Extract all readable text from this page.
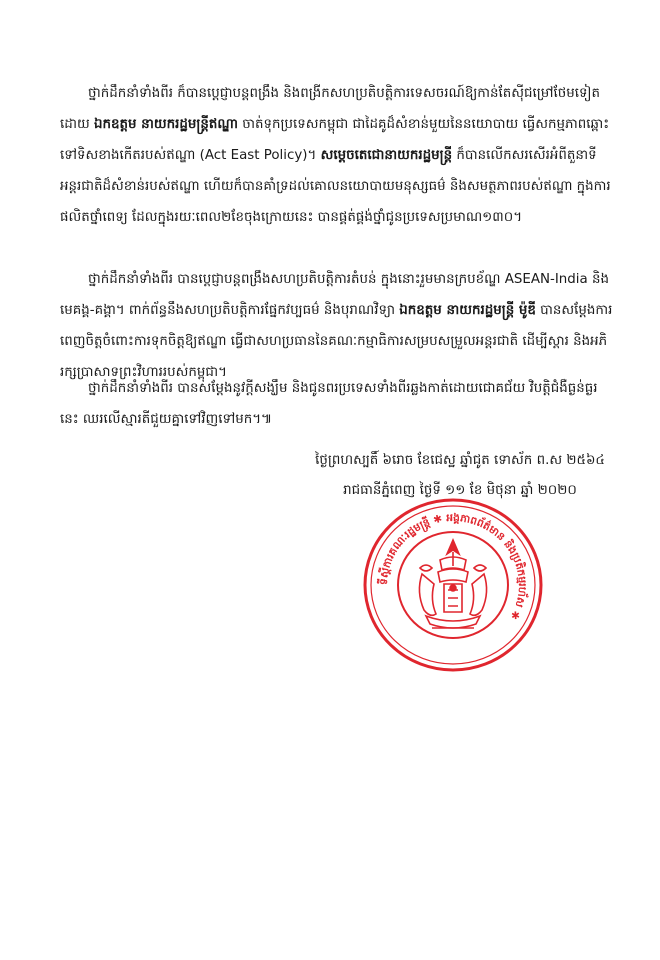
ថ្នាក់ដឹកនាំទាំងពីរ ក៏បានប្តេជ្ញាបន្តពង្រឹង និងពង្រីកសហប្រតិបត្តិការទេសចរណ៍ឱ្យកាន់តែស៊ីជម្រៅថែមទៀត ដោយ ឯកឧត្តម នាយករដ្ឋមន្ត្រីឥណ្ឌា ចាត់ទុកប្រទេសកម្ពុជា ជាដៃគូដ៏សំខាន់មួយនៃនយោបាយ ធ្វើសកម្មភាពឆ្ពោះទៅទិសខាងកើតរបស់ឥណ្ឌា (Act East Policy)។ សម្តេចតេជោនាយករដ្ឋមន្ត្រី ក៏បានលើកសរសើរអំពីតួនាទីអន្តរជាតិដ៏សំខាន់របស់ឥណ្ឌា ហើយក៏បានគាំទ្រដល់គោលនយោបាយមនុស្សធម៌ និងសមត្ថភាពរបស់ឥណ្ឌា ក្នុងការផលិតថ្នាំពេទ្យ ដែលក្នុងរយៈពេល២ខែចុងក្រោយនេះ បានផ្គត់ផ្គង់ថ្នាំជូនប្រទេសប្រមាណ១៣០។

ថ្នាក់ដឹកនាំទាំងពីរ បានប្តេជ្ញាបន្តពង្រឹងសហប្រតិបត្តិការតំបន់ ក្នុងនោះរួមមានក្របខ័ណ្ឌ ASEAN-India និងមេគង្គ-គង្គា។ ពាក់ព័ន្ធនឹងសហប្រតិបត្តិការផ្នែកវប្បធម៌ និងបុរាណវិទ្យា ឯកឧត្តម នាយករដ្ឋមន្ត្រី ម៉ូឌី បានសម្តែងការពេញចិត្តចំពោះការទុកចិត្តឱ្យឥណ្ឌា ធ្វើជាសហប្រធាននៃគណៈកម្មាធិការសម្របសម្រួលអន្តរជាតិ ដើម្បីស្តារ និងអភិរក្សប្រាសាទព្រះវិហាររបស់កម្ពុជា។

ថ្នាក់ដឹកនាំទាំងពីរ បានសម្តែងនូវក្តីសង្ឃឹម និងជូនពរប្រទេសទាំងពីរឆ្លងកាត់ដោយជោគជ័យ វិបត្តិជំងឺធ្ងន់ធ្ងរនេះ ឈរលើស្មារតីជួយគ្នាទៅវិញទៅមក។៕

ថ្ងៃព្រហស្បតិ៍ ៦រោច ខែជេស្ឋ ឆ្នាំជូត ទោស័ក ព.ស ២៥៦៤
រាជធានីភ្នំពេញ ថ្ងៃទី ១១ ខែ មិថុនា ឆ្នាំ ២០២០
ទីស្តីការគណៈរដ្ឋមន្ត្រី ✱ អង្គភាពព័ត៌មាន និងប្រតិកម្មរហ័ស ✱
